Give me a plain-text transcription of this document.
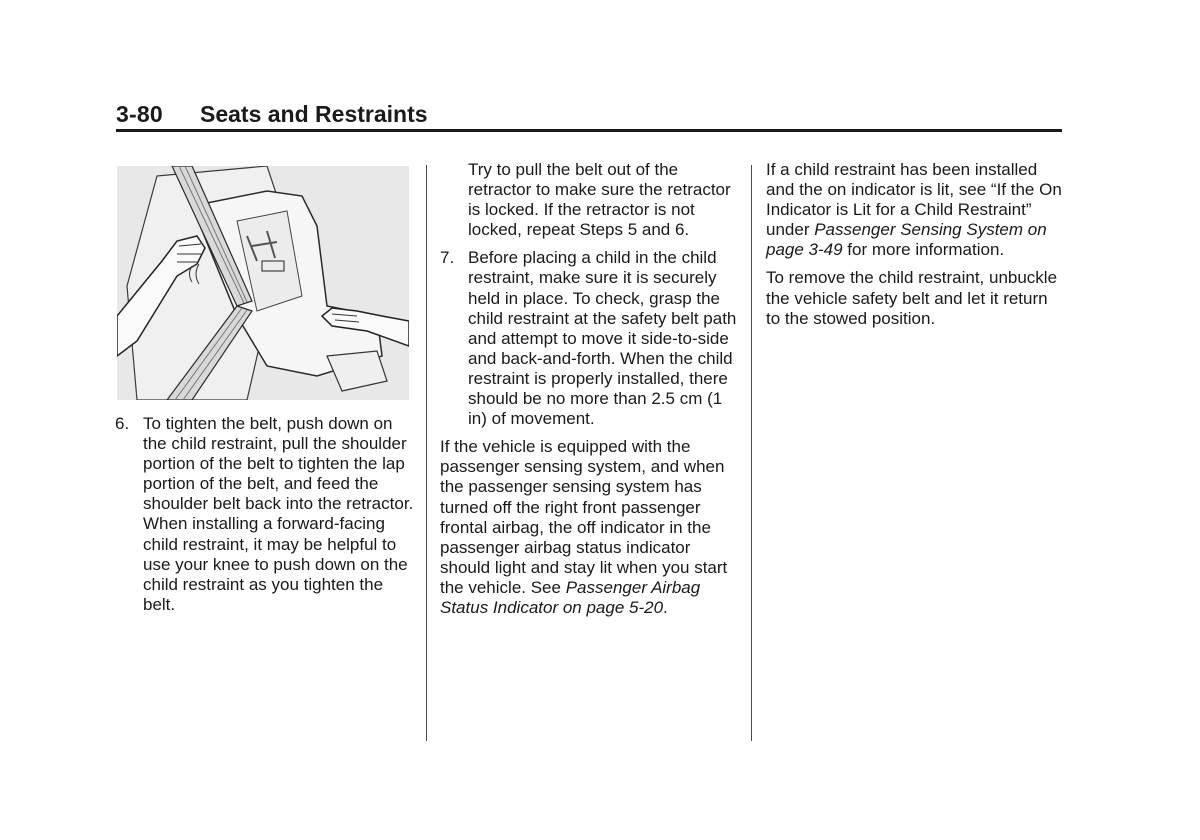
3-80 Seats and Restraints
6. To tighten the belt, push down on the child restraint, pull the shoulder portion of the belt to tighten the lap portion of the belt, and feed the shoulder belt back into the retractor. When installing a forward-facing child restraint, it may be helpful to use your knee to push down on the child restraint as you tighten the belt.
Try to pull the belt out of the retractor to make sure the retractor is locked. If the retractor is not locked, repeat Steps 5 and 6.
7. Before placing a child in the child restraint, make sure it is securely held in place. To check, grasp the child restraint at the safety belt path and attempt to move it side-to-side and back-and-forth. When the child restraint is properly installed, there should be no more than 2.5 cm (1 in) of movement.

If the vehicle is equipped with the passenger sensing system, and when the passenger sensing system has turned off the right front passenger frontal airbag, the off indicator in the passenger airbag status indicator should light and stay lit when you start the vehicle. See Passenger Airbag Status Indicator on page 5-20.

If a child restraint has been installed and the on indicator is lit, see “If the On Indicator is Lit for a Child Restraint” under Passenger Sensing System on page 3-49 for more information.

To remove the child restraint, unbuckle the vehicle safety belt and let it return to the stowed position.
